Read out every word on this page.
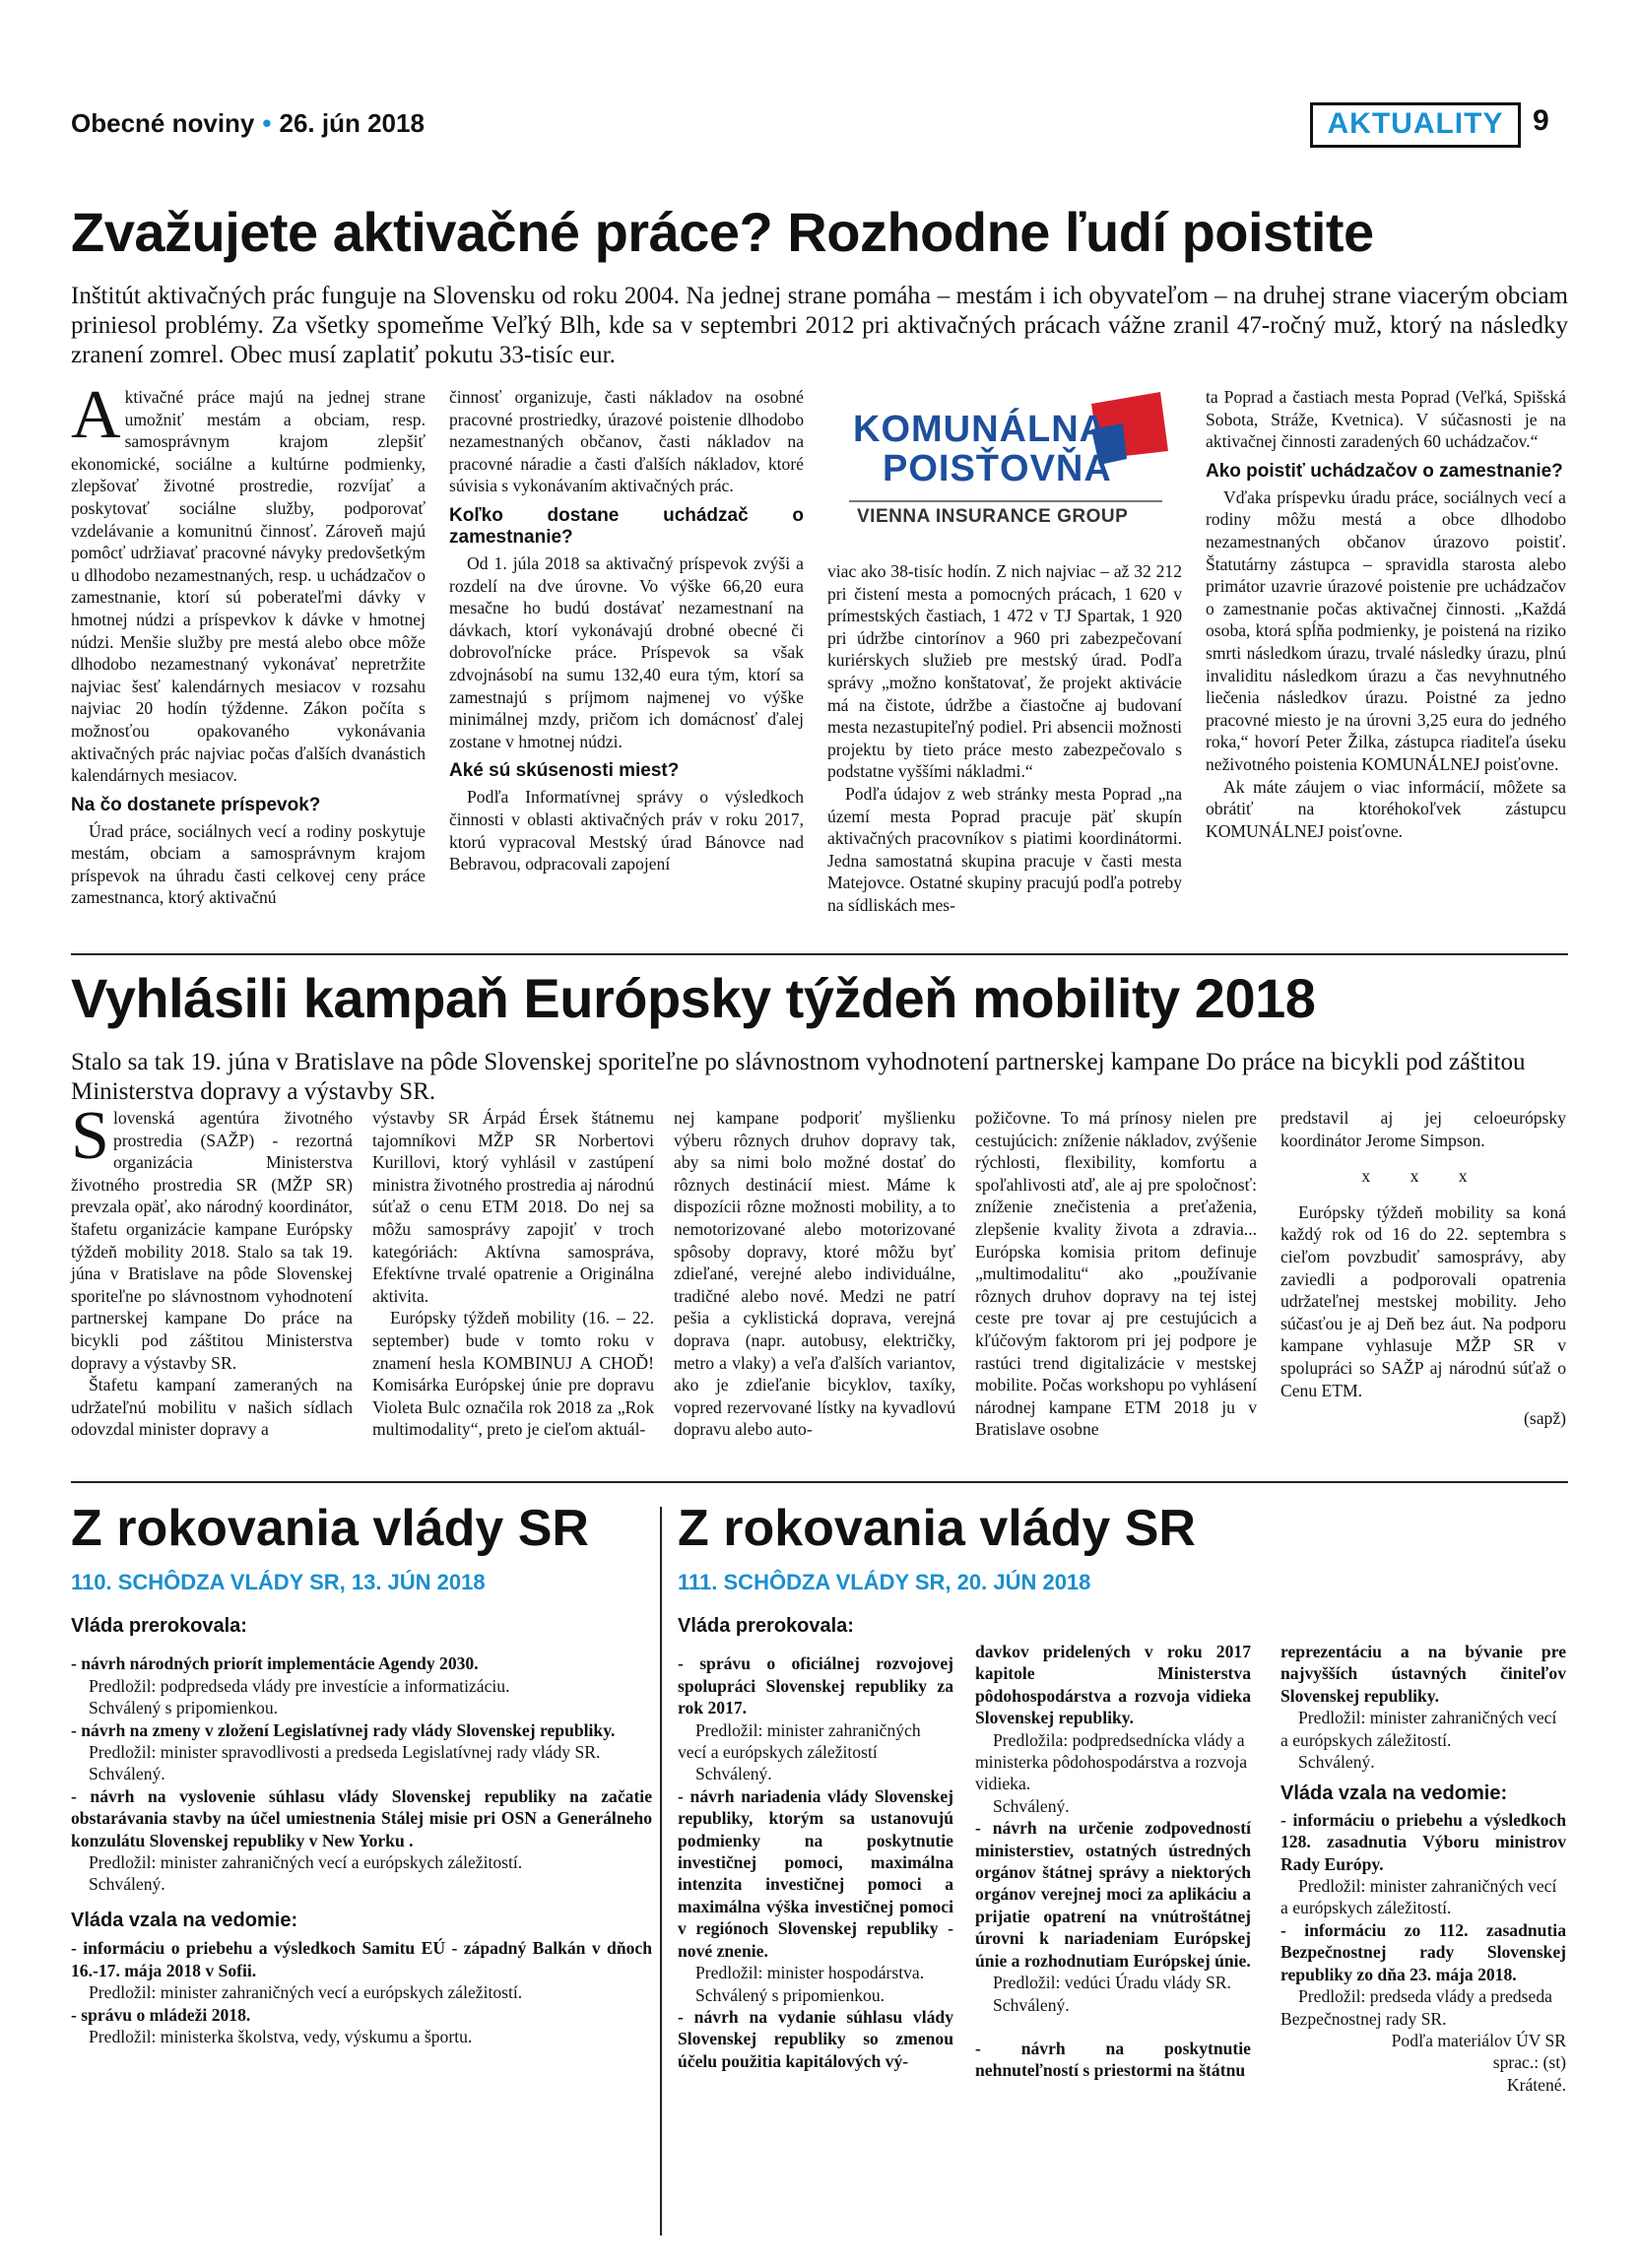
Obecné noviny • 26. jún 2018	AKTUALITY 9
Zvažujete aktivačné práce? Rozhodne ľudí poistite
Inštitút aktivačných prác funguje na Slovensku od roku 2004. Na jednej strane pomáha – mestám i ich obyvateľom – na druhej strane viacerým obciam priniesol problémy. Za všetky spomeňme Veľký Blh, kde sa v septembri 2012 pri aktivačných prácach vážne zranil 47-ročný muž, ktorý na následky zranení zomrel. Obec musí zaplatiť pokutu 33-tisíc eur.
A ktivačné práce majú na jednej strane umožniť mestám a obciam, resp. samosprávnym krajom zlepšiť ekonomické, sociálne a kultúrne podmienky, zlepšovať životné prostredie, rozvíjať a poskytovať sociálne služby, podporovať vzdelávanie a komunitnú činnosť. Zároveň majú pomôcť udržiavať pracovné návyky predovšetkým u dlhodobo nezamestnaných, resp. u uchádzačov o zamestnanie, ktorí sú poberateľmi dávky v hmotnej núdzi a príspevkov k dávke v hmotnej núdzi. Menšie služby pre mestá alebo obce môže dlhodobo nezamestnaný vykonávať nepretržite najviac šesť kalendárnych mesiacov v rozsahu najviac 20 hodín týždenne. Zákon počíta s možnosťou opakovaného vykonávania aktivačných prác najviac počas ďalších dvanástich kalendárnych mesiacov.

Na čo dostanete príspevok?

Úrad práce, sociálnych vecí a rodiny poskytuje mestám, obciam a samosprávnym krajom príspevok na úhradu časti celkovej ceny práce zamestnanca, ktorý aktivačnú

činnosť organizuje, časti nákladov na osobné pracovné prostriedky, úrazové poistenie dlhodobo nezamestnaných občanov, časti nákladov na pracovné náradie a časti ďalších nákladov, ktoré súvisia s vykonávaním aktivačných prác.

Koľko dostane uchádzač o zamestnanie?

Od 1. júla 2018 sa aktivačný príspevok zvýši a rozdelí na dve úrovne. Vo výške 66,20 eura mesačne ho budú dostávať nezamestnaní na dávkach, ktorí vykonávajú drobné obecné či dobrovoľnícke práce. Príspevok sa však zdvojnásobí na sumu 132,40 eura tým, ktorí sa zamestnajú s príjmom najmenej vo výške minimálnej mzdy, pričom ich domácnosť ďalej zostane v hmotnej núdzi.

Aké sú skúsenosti miest?

Podľa Informatívnej správy o výsledkoch činnosti v oblasti aktivačných práv v roku 2017, ktorú vypracoval Mestský úrad Bánovce nad Bebravou, odpracovali zapojení

KOMUNÁLNA
POISŤOVŇA
VIENNA INSURANCE GROUP

viac ako 38-tisíc hodín. Z nich najviac – až 32 212 pri čistení mesta a pomocných prácach, 1 620 v prímestských častiach, 1 472 v TJ Spartak, 1 920 pri údržbe cintorínov a 960 pri zabezpečovaní kuriérskych služieb pre mestský úrad. Podľa správy „možno konštatovať, že projekt aktivácie má na čistote, údržbe a čiastočne aj budovaní mesta nezastupiteľný podiel. Pri absencii možnosti projektu by tieto práce mesto zabezpečovalo s podstatne vyššími nákladmi.“

Podľa údajov z web stránky mesta Poprad „na území mesta Poprad pracuje päť skupín aktivačných pracovníkov s piatimi koordinátormi. Jedna samostatná skupina pracuje v časti mesta Matejovce. Ostatné skupiny pracujú podľa potreby na sídliskách mes-

ta Poprad a častiach mesta Poprad (Veľká, Spišská Sobota, Stráže, Kvetnica). V súčasnosti je na aktivačnej činnosti zaradených 60 uchádzačov.“

Ako poistiť uchádzačov o zamestnanie?

Vďaka príspevku úradu práce, sociálnych vecí a rodiny môžu mestá a obce dlhodobo nezamestnaných občanov úrazovo poistiť. Štatutárny zástupca – spravidla starosta alebo primátor uzavrie úrazové poistenie pre uchádzačov o zamestnanie počas aktivačnej činnosti. „Každá osoba, ktorá spĺňa podmienky, je poistená na riziko smrti následkom úrazu, trvalé následky úrazu, plnú invaliditu následkom úrazu a čas nevyhnutného liečenia následkov úrazu. Poistné za jedno pracovné miesto je na úrovni 3,25 eura do jedného roka,“ hovorí Peter Žilka, zástupca riaditeľa úseku neživotného poistenia KOMUNÁLNEJ poisťovne.

Ak máte záujem o viac informácií, môžete sa obrátiť na ktoréhokoľvek zástupcu KOMUNÁLNEJ poisťovne.

Vyhlásili kampaň Európsky týždeň mobility 2018
Stalo sa tak 19. júna v Bratislave na pôde Slovenskej sporiteľne po slávnostnom vyhodnotení partnerskej kampane Do práce na bicykli pod záštitou Ministerstva dopravy a výstavby SR.
S lovenská agentúra životného prostredia (SAŽP) - rezortná organizácia Ministerstva životného prostredia SR (MŽP SR) prevzala opäť, ako národný koordinátor, štafetu organizácie kampane Európsky týždeň mobility 2018. Stalo sa tak 19. júna v Bratislave na pôde Slovenskej sporiteľne po slávnostnom vyhodnotení partnerskej kampane Do práce na bicykli pod záštitou Ministerstva dopravy a výstavby SR.

Štafetu kampaní zameraných na udržateľnú mobilitu v našich sídlach odovzdal minister dopravy a

výstavby SR Árpád Érsek štátnemu tajomníkovi MŽP SR Norbertovi Kurillovi, ktorý vyhlásil v zastúpení ministra životného prostredia aj národnú súťaž o cenu ETM 2018. Do nej sa môžu samosprávy zapojiť v troch kategóriách: Aktívna samospráva, Efektívne trvalé opatrenie a Originálna aktivita.

Európsky týždeň mobility (16. – 22. september) bude v tomto roku v znamení hesla KOMBINUJ A CHOĎ! Komisárka Európskej únie pre dopravu Violeta Bulc označila rok 2018 za „Rok multimodality“, preto je cieľom aktuál-

nej kampane podporiť myšlienku výberu rôznych druhov dopravy tak, aby sa nimi bolo možné dostať do rôznych destinácií miest. Máme k dispozícii rôzne možnosti mobility, a to nemotorizované alebo motorizované spôsoby dopravy, ktoré môžu byť zdieľané, verejné alebo individuálne, tradičné alebo nové. Medzi ne patrí pešia a cyklistická doprava, verejná doprava (napr. autobusy, električky, metro a vlaky) a veľa ďalších variantov, ako je zdieľanie bicyklov, taxíky, vopred rezervované lístky na kyvadlovú dopravu alebo auto-

požičovne. To má prínosy nielen pre cestujúcich: zníženie nákladov, zvýšenie rýchlosti, flexibility, komfortu a spoľahlivosti atď, ale aj pre spoločnosť: zníženie znečistenia a preťaženia, zlepšenie kvality života a zdravia... Európska komisia pritom definuje „multimodalitu“ ako „používanie rôznych druhov dopravy na tej istej ceste pre tovar aj pre cestujúcich a kľúčovým faktorom pri jej podpore je rastúci trend digitalizácie v mestskej mobilite. Počas workshopu po vyhlásení národnej kampane ETM 2018 ju v Bratislave osobne

predstavil aj jej celoeurópsky koordinátor Jerome Simpson.

x x x

Európsky týždeň mobility sa koná každý rok od 16 do 22. septembra s cieľom povzbudiť samosprávy, aby zaviedli a podporovali opatrenia udržateľnej mestskej mobility. Jeho súčasťou je aj Deň bez áut. Na podporu kampane vyhlasuje MŽP SR v spolupráci so SAŽP aj národnú súťaž o Cenu ETM.

(sapž)
Z rokovania vlády SR
110. SCHÔDZA VLÁDY SR, 13. JÚN 2018
Vláda prerokovala:

- návrh národných priorít implementácie Agendy 2030.

Predložil: podpredseda vlády pre investície a informatizáciu.

Schválený s pripomienkou.

- návrh na zmeny v zložení Legislatívnej rady vlády Slovenskej republiky.

Predložil: minister spravodlivosti a predseda Legislatívnej rady vlády SR.

Schválený.

- návrh na vyslovenie súhlasu vlády Slovenskej republiky na začatie obstarávania stavby na účel umiestnenia Stálej misie pri OSN a Generálneho konzulátu Slovenskej republiky v New Yorku .

Predložil: minister zahraničných vecí a európskych záležitostí.

Schválený.

Vláda vzala na vedomie:

- informáciu o priebehu a výsledkoch Samitu EÚ - západný Balkán v dňoch 16.-17. mája 2018 v Sofii.

Predložil: minister zahraničných vecí a európskych záležitostí.

- správu o mládeži 2018.

Predložil: ministerka školstva, vedy, výskumu a športu.

Z rokovania vlády SR
111. SCHÔDZA VLÁDY SR, 20. JÚN 2018
Vláda prerokovala:

- správu o oficiálnej rozvojovej spolupráci Slovenskej republiky za rok 2017.

Predložil: minister zahraničných vecí a európskych záležitostí

Schválený.

- návrh nariadenia vlády Slovenskej republiky, ktorým sa ustanovujú podmienky na poskytnutie investičnej pomoci, maximálna intenzita investičnej pomoci a maximálna výška investičnej pomoci v regiónoch Slovenskej republiky - nové znenie.

Predložil: minister hospodárstva.

Schválený s pripomienkou.

- návrh na vydanie súhlasu vlády Slovenskej republiky so zmenou účelu použitia kapitálových vý-

davkov pridelených v roku 2017 kapitole Ministerstva pôdohospodárstva a rozvoja vidieka Slovenskej republiky.

Predložila: podpredsednícka vlády a ministerka pôdohospodárstva a rozvoja vidieka.

Schválený.

- návrh na určenie zodpovedností ministerstiev, ostatných ústredných orgánov štátnej správy a niektorých orgánov verejnej moci za aplikáciu a prijatie opatrení na vnútroštátnej úrovni k nariadeniam Európskej únie a rozhodnutiam Európskej únie.

Predložil: vedúci Úradu vlády SR.

Schválený.

- návrh na poskytnutie nehnuteľností s priestormi na štátnu

reprezentáciu a na bývanie pre najvyšších ústavných činiteľov Slovenskej republiky.

Predložil: minister zahraničných vecí a európskych záležitostí.

Schválený.

Vláda vzala na vedomie:

- informáciu o priebehu a výsledkoch 128. zasadnutia Výboru ministrov Rady Európy.

Predložil: minister zahraničných vecí a európskych záležitostí.

- informáciu zo 112. zasadnutia Bezpečnostnej rady Slovenskej republiky zo dňa 23. mája 2018.

Predložil: predseda vlády a predseda Bezpečnostnej rady SR.

Podľa materiálov ÚV SR

sprac.: (st)

Krátené.
